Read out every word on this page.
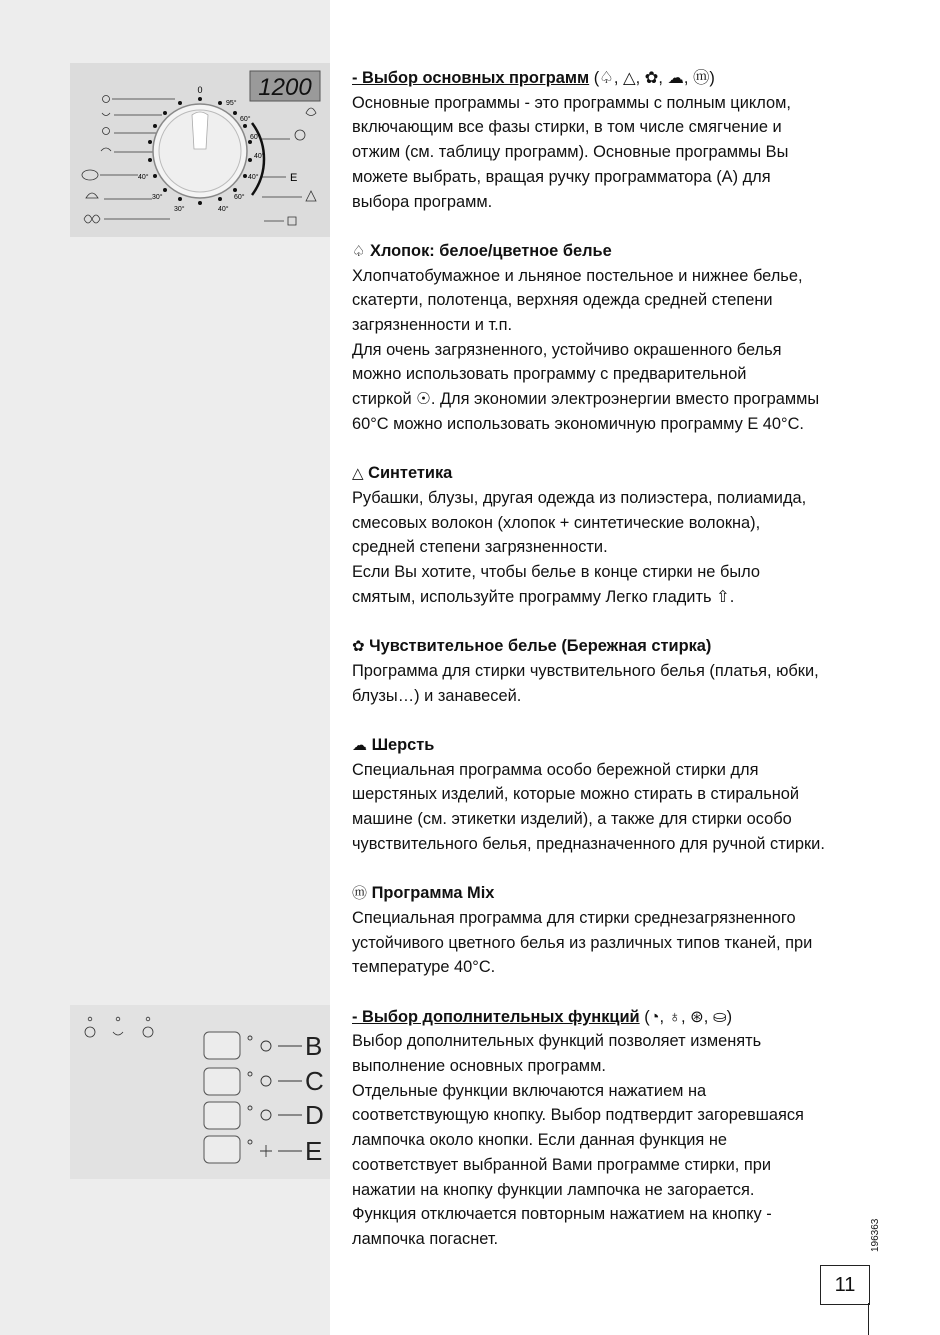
1200
0
95°
60°
60°
40°
40°
40°
30°
30°	40°
60°
E
B
C
D
E

- Выбор основных программ (♤, △, ✿, ☁, ⓜ)

Основные программы - это программы с полным циклом,

включающим все фазы стирки, в том числе смягчение и

отжим (см. таблицу программ). Основные программы Вы

можете выбрать, вращая ручку программатора (А) для

выбора программ.

♤ Хлопок: белое/цветное белье

Хлопчатобумажное и льняное постельное и нижнее белье,

скатерти, полотенца, верхняя одежда средней степени

загрязненности и т.п.

Для очень загрязненного, устойчиво окрашенного белья

можно использовать программу с предварительной

стиркой ☉. Для экономии электроэнергии вместо программы

60°С можно использовать экономичную программу Е 40°С.

△ Синтетика

Рубашки, блузы, другая одежда из полиэстера, полиамида,

смесовых волокон (хлопок + синтетические волокна),

средней степени загрязненности.

Если Вы хотите, чтобы белье в конце стирки не было

смятым, используйте программу Легко гладить ⇧.

✿ Чувствительное белье (Бережная стирка)

Программа для стирки чувствительного белья (платья, юбки,

блузы…) и занавесей.

☁ Шерсть

Специальная программа особо бережной стирки для

шерстяных изделий, которые можно стирать в стиральной

машине (см. этикетки изделий), а также для стирки особо

чувствительного белья, предназначенного для ручной стирки.

ⓜ Программа Mix

Специальная программа для стирки среднезагрязненного

устойчивого цветного белья из различных типов тканей, при

температуре 40°С.

- Выбор дополнительных функций (◔, ♁, ⊛, ⛀)

Выбор дополнительных функций позволяет изменять

выполнение основных программ.

Отдельные функции включаются нажатием на

соответствующую кнопку. Выбор подтвердит загоревшаяся

лампочка около кнопки. Если данная функция не

соответствует выбранной Вами программе стирки, при

нажатии на кнопку функции лампочка не загорается.

Функция отключается повторным нажатием на кнопку -

лампочка погаснет.	196363
11
